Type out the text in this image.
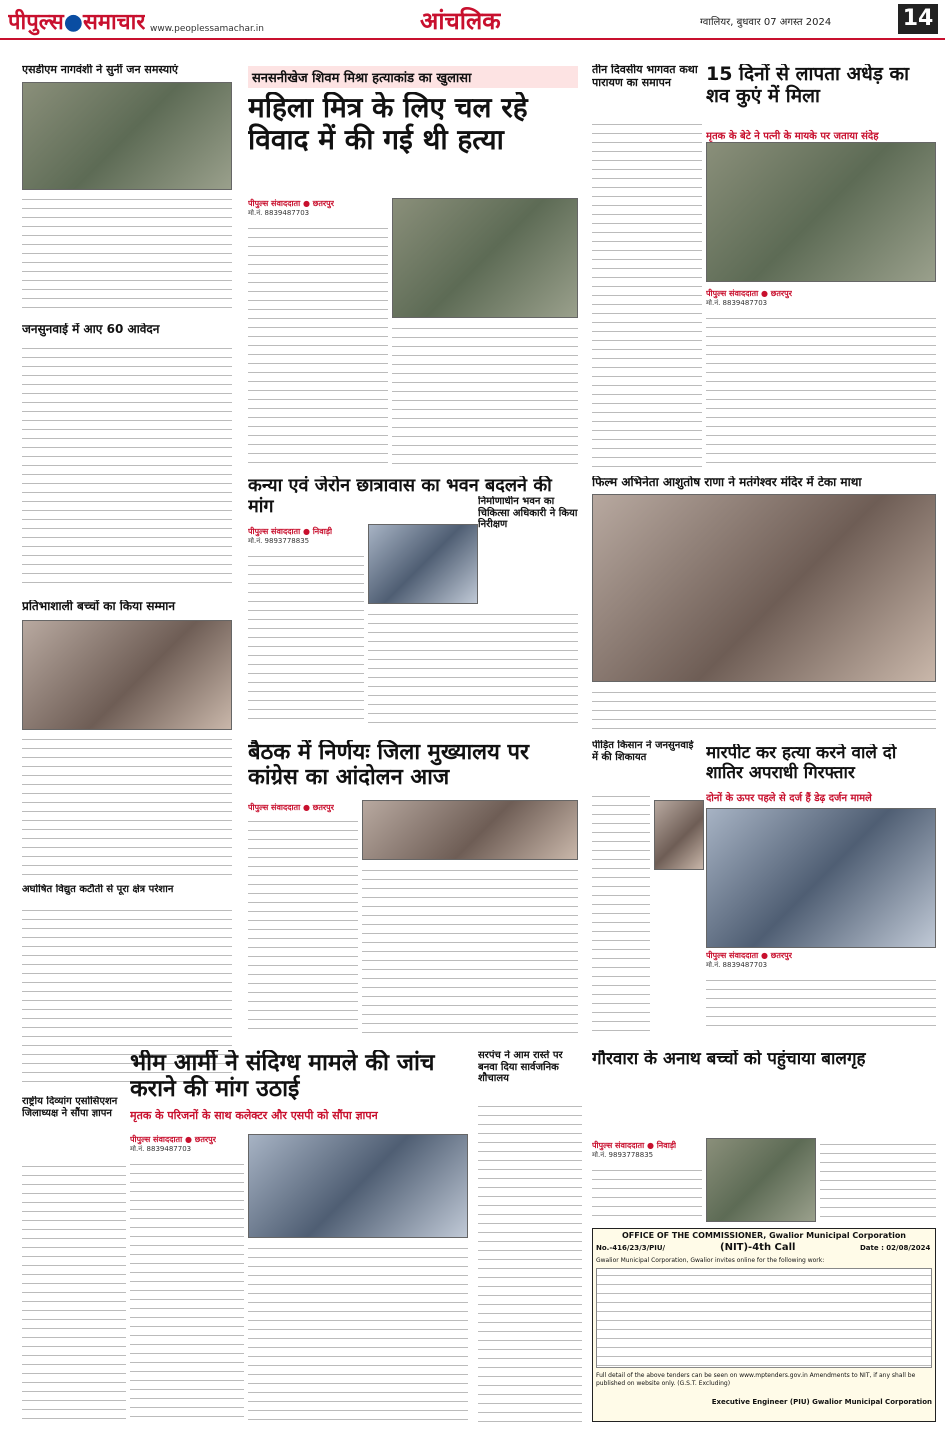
पीपुल्स●समाचार www.peoplessamachar.in	आंचलिक	ग्वालियर, बुधवार 07 अगस्त 2024	14
एसडीएम नागवंशी ने सुनीं जन समस्याएं
जनसुनवाई में आए 60 आवेदन
प्रतिभाशाली बच्चों का किया सम्मान
अघोषित विद्युत कटौती से पूरा क्षेत्र परेशान
राष्ट्रीय दिव्यांग एसोसिएशन जिलाध्यक्ष ने सौंपा ज्ञापन
सनसनीखेज शिवम मिश्रा हत्याकांड का खुलासा
महिला मित्र के लिए चल रहे विवाद में की गई थी हत्या
पीपुल्स संवाददाता ● छतरपुर
मो.नं. 8839487703
कन्या एवं जेरोन छात्रावास का भवन बदलने की मांग
पीपुल्स संवाददाता ● निवाड़ी
मो.नं. 9893778835
बैठक में निर्णयः जिला मुख्यालय पर कांग्रेस का आंदोलन आज
पीपुल्स संवाददाता ● छतरपुर
भीम आर्मी ने संदिग्ध मामले की जांच कराने की मांग उठाई
मृतक के परिजनों के साथ कलेक्टर और एसपी को सौंपा ज्ञापन
पीपुल्स संवाददाता ● छतरपुर
मो.नं. 8839487703
तीन दिवसीय भागवत कथा पारायण का समापन
निर्माणाधीन भवन का चिकित्सा अधिकारी ने किया निरीक्षण
पीड़ित किसान ने जनसुनवाई में की शिकायत
सरपंच ने आम रास्ते पर बनवा दिया सार्वजनिक शौचालय
15 दिनों से लापता अधेड़ का शव कुएं में मिला
मृतक के बेटे ने पत्नी के मायके पर जताया संदेह
पीपुल्स संवाददाता ● छतरपुर
मो.नं. 8839487703
फिल्म अभिनेता आशुतोष राणा ने मतंगेश्वर मंदिर में टेका माथा
मारपीट कर हत्या करने वाले दो शातिर अपराधी गिरफ्तार
दोनों के ऊपर पहले से दर्ज हैं डेढ़ दर्जन मामले
पीपुल्स संवाददाता ● छतरपुर
मो.नं. 8839487703
गौरवारा के अनाथ बच्चों को पहुंचाया बालगृह
पीपुल्स संवाददाता ● निवाड़ी
मो.नं. 9893778835
OFFICE OF THE COMMISSIONER, Gwalior Municipal Corporation
No.-416/23/3/PIU/	(NIT)-4th Call	Date : 02/08/2024
Gwalior Municipal Corporation, Gwalior invites online for the following work:
Full detail of the above tenders can be seen on www.mptenders.gov.in Amendments to NIT, if any shall be published on website only. (G.S.T. Excluding)
Executive Engineer (PIU) Gwalior Municipal Corporation
